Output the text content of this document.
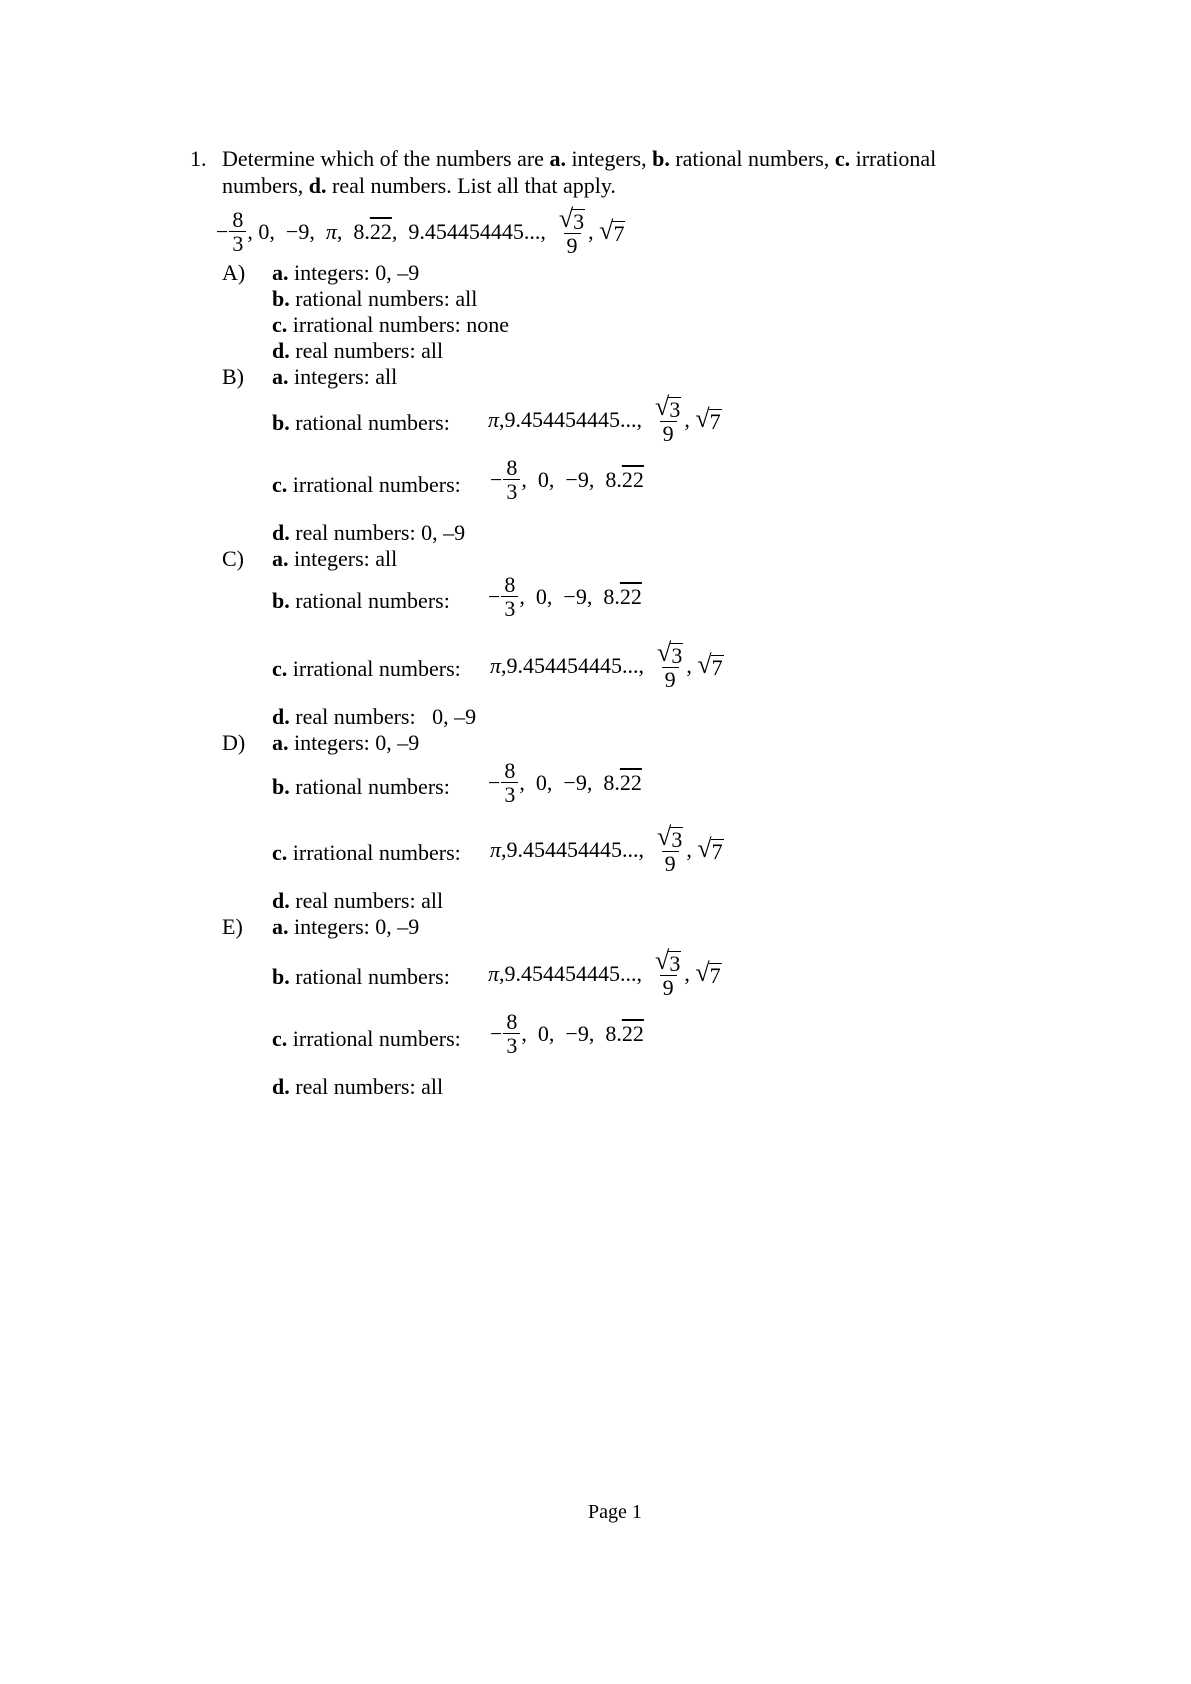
1. Determine which of the numbers are a. integers, b. rational numbers, c. irrational
numbers, d. real numbers. List all that apply.
− $\frac{8}{3}$ , 0,  −9, π ,  8. 22 ,  9.454454445..., $\frac{√ 3}{9}$ ,
√ 7
A) a. integers: 0, –9
b. rational numbers: all
c. irrational numbers: none
d. real numbers: all
B) a. integers: all
b. rational numbers: π ,9.454454445..., $\frac{√ 3}{9}$ ,
√ 7
c. irrational numbers: − $\frac{8}{3}$ ,  0,  −9,  8. 22
d. real numbers: 0, –9
C) a. integers: all
b. rational numbers: − $\frac{8}{3}$ ,  0,  −9,  8. 22
c. irrational numbers: π ,9.454454445..., $\frac{√ 3}{9}$ ,
√ 7
d. real numbers:   0, –9
D) a. integers: 0, –9
b. rational numbers: − $\frac{8}{3}$ ,  0,  −9,  8. 22
c. irrational numbers: π ,9.454454445..., $\frac{√ 3}{9}$ ,
√ 7
d. real numbers: all
E) a. integers: 0, –9
b. rational numbers: π ,9.454454445..., $\frac{√ 3}{9}$ ,
√ 7
c. irrational numbers: − $\frac{8}{3}$ ,  0,  −9,  8. 22
d. real numbers: all
Page 1
